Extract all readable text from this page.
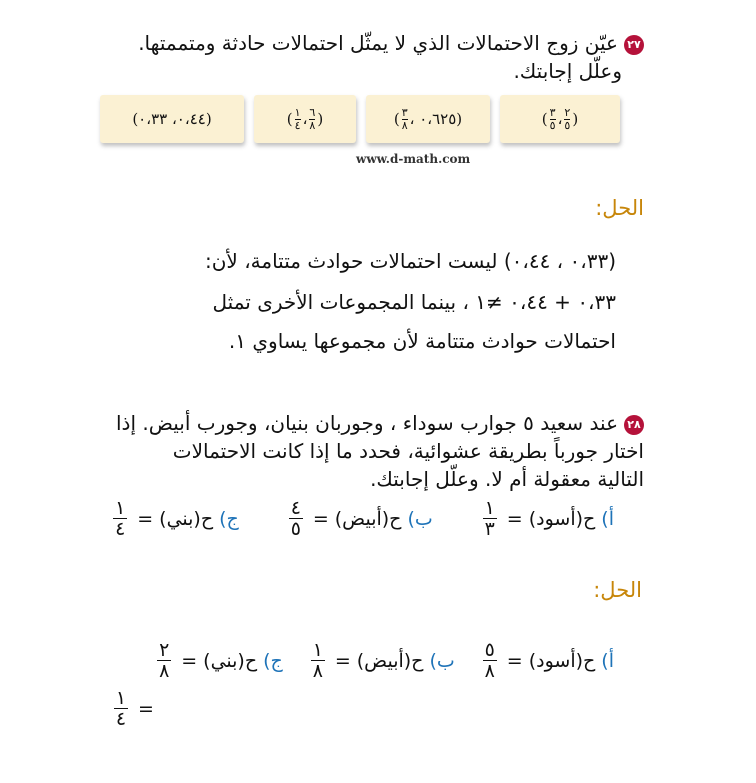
٢٧عيّن زوج الاحتمالات الذي لا يمثّل احتمالات حادثة ومتممتها.
وعلّل إجابتك.
( $\frac{٣}{٥}$ ، $\frac{٢}{٥}$ )
( $\frac{٣}{٨}$ ، ٠،٦٢٥ )
( $\frac{١}{٤}$ ، $\frac{٦}{٨}$ )
(٠،٤٤، ٠،٣٣)
www.d-math.com
الحل:
(٠،٣٣ ، ٠،٤٤) ليست احتمالات حوادث متتامة، لأن:
٠،٣٣ + ٠،٤٤ ≠١ ، بينما المجموعات الأخرى تمثل
احتمالات حوادث متتامة لأن مجموعها يساوي ١.
٢٨عند سعيد ٥ جوارب سوداء ، وجوربان بنيان، وجورب أبيض. إذا
اختار جورباً بطريقة عشوائية، فحدد ما إذا كانت الاحتمالات
التالية معقولة أم لا. وعلّل إجابتك.
أ)
ح(أسود) =
$\frac{١}{٣}$
ب)
ح(أبيض) =
$\frac{٤}{٥}$
ج)
ح(بني) =
$\frac{١}{٤}$
الحل:
أ)
ح(أسود) =
$\frac{٥}{٨}$
ب)
ح(أبيض) =
$\frac{١}{٨}$
ج)
ح(بني) =
$\frac{٢}{٨}$
=
$\frac{١}{٤}$
